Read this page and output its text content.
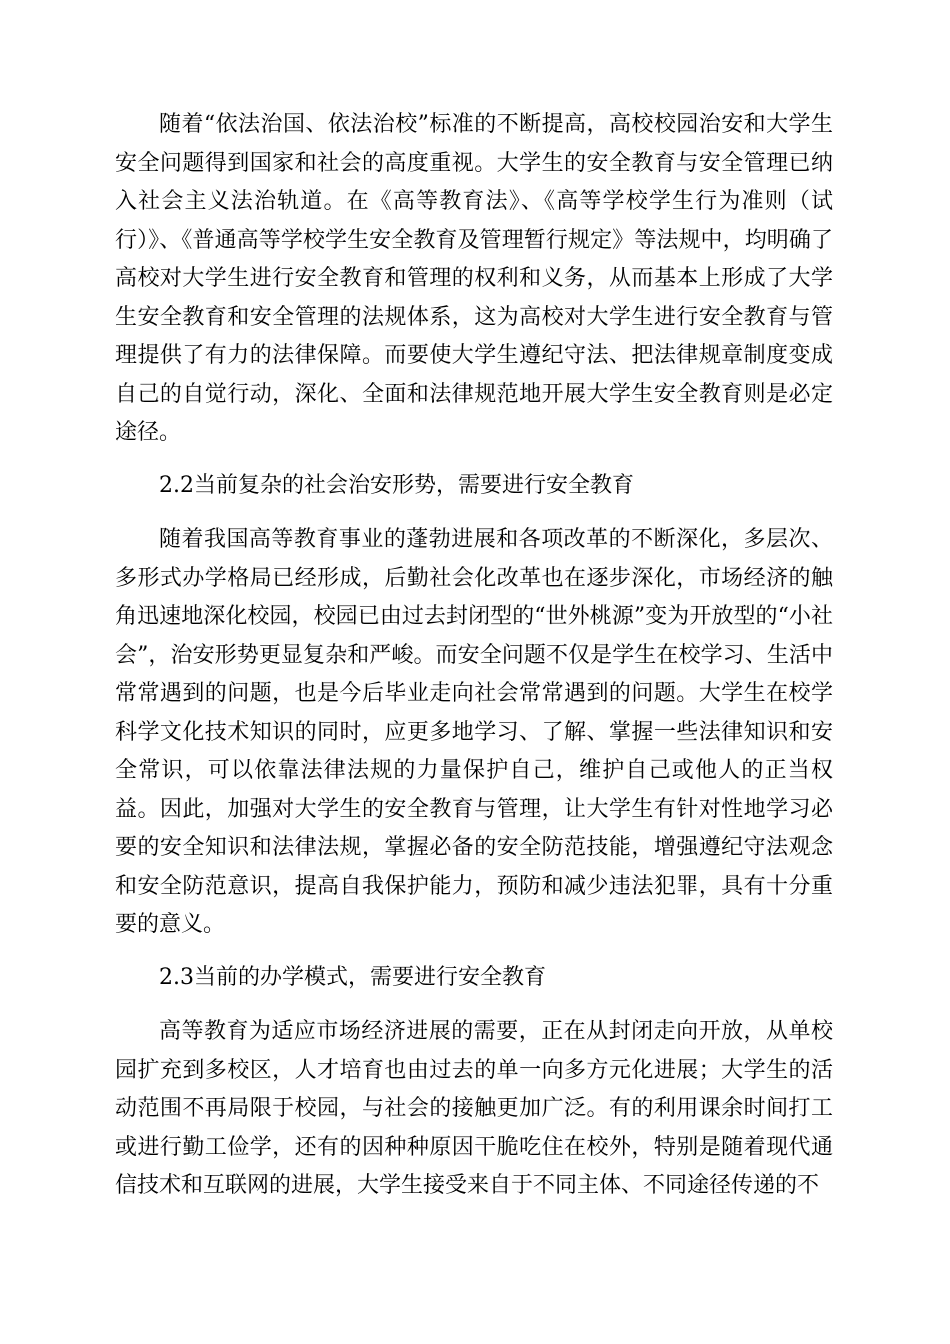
随着“依法治国、依法治校”标准的不断提高，高校校园治安和大学生安全问题得到国家和社会的高度重视。大学生的安全教育与安全管理已纳入社会主义法治轨道。在《高等教育法》、《高等学校学生行为准则（试行）》、《普通高等学校学生安全教育及管理暂行规定》等法规中，均明确了高校对大学生进行安全教育和管理的权利和义务，从而基本上形成了大学生安全教育和安全管理的法规体系，这为高校对大学生进行安全教育与管理提供了有力的法律保障。而要使大学生遵纪守法、把法律规章制度变成自己的自觉行动，深化、全面和法律规范地开展大学生安全教育则是必定途径。

2.2当前复杂的社会治安形势，需要进行安全教育

随着我国高等教育事业的蓬勃进展和各项改革的不断深化，多层次、多形式办学格局已经形成，后勤社会化改革也在逐步深化，市场经济的触角迅速地深化校园，校园已由过去封闭型的“世外桃源”变为开放型的“小社会”，治安形势更显复杂和严峻。而安全问题不仅是学生在校学习、生活中常常遇到的问题，也是今后毕业走向社会常常遇到的问题。大学生在校学科学文化技术知识的同时，应更多地学习、了解、掌握一些法律知识和安全常识，可以依靠法律法规的力量保护自己，维护自己或他人的正当权益。因此，加强对大学生的安全教育与管理，让大学生有针对性地学习必要的安全知识和法律法规，掌握必备的安全防范技能，增强遵纪守法观念和安全防范意识，提高自我保护能力，预防和减少违法犯罪，具有十分重要的意义。

2.3当前的办学模式，需要进行安全教育

高等教育为适应市场经济进展的需要，正在从封闭走向开放，从单校园扩充到多校区，人才培育也由过去的单一向多方元化进展；大学生的活动范围不再局限于校园，与社会的接触更加广泛。有的利用课余时间打工或进行勤工俭学，还有的因种种原因干脆吃住在校外，特别是随着现代通信技术和互联网的进展，大学生接受来自于不同主体、不同途径传递的不
